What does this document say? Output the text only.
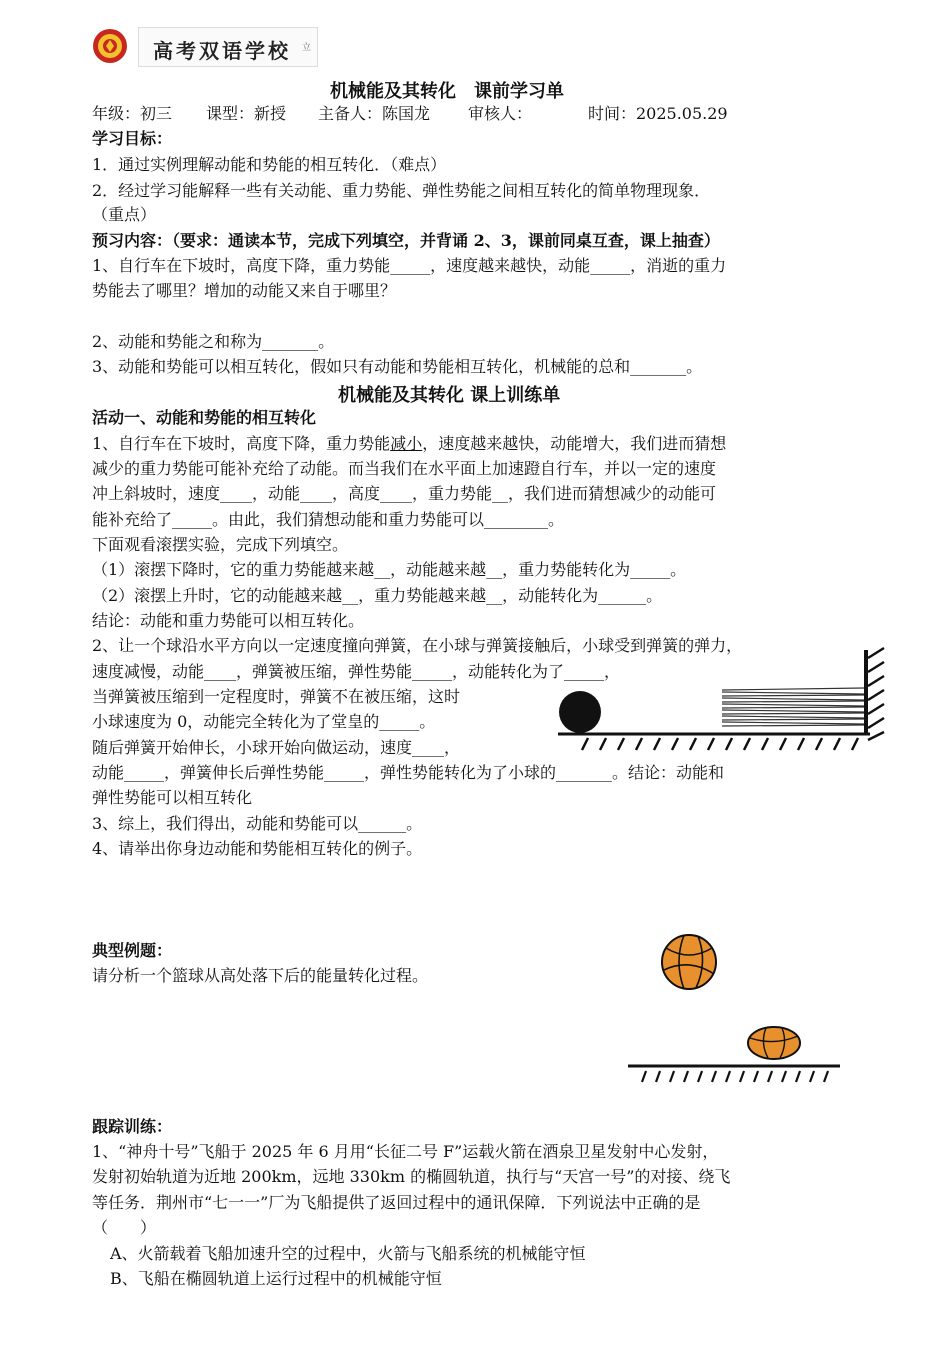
高考双语学校 立
机械能及其转化　课前学习单
年级：初三 课型：新授 主备人：陈国龙 审核人：	时间：2025.05.29
学习目标：
1．通过实例理解动能和势能的相互转化．（难点）
2．经过学习能解释一些有关动能、重力势能、弹性势能之间相互转化的简单物理现象．
（重点）
预习内容：（要求：通读本节，完成下列填空，并背诵 2、3，课前同桌互查，课上抽查）
1、自行车在下坡时，高度下降，重力势能_____，速度越来越快，动能_____，消逝的重力
势能去了哪里？增加的动能又来自于哪里？
2、动能和势能之和称为_______。
3、动能和势能可以相互转化，假如只有动能和势能相互转化，机械能的总和_______。
机械能及其转化 课上训练单
活动一、动能和势能的相互转化
1、自行车在下坡时，高度下降，重力势能减小，速度越来越快，动能增大，我们进而猜想
减少的重力势能可能补充给了动能。而当我们在水平面上加速蹬自行车，并以一定的速度
冲上斜坡时，速度____，动能____，高度____，重力势能__，我们进而猜想减少的动能可
能补充给了_____。由此，我们猜想动能和重力势能可以________。
下面观看滚摆实验，完成下列填空。
（1）滚摆下降时，它的重力势能越来越__，动能越来越__，重力势能转化为_____。
（2）滚摆上升时，它的动能越来越__，重力势能越来越__，动能转化为______。
结论：动能和重力势能可以相互转化。
2、让一个球沿水平方向以一定速度撞向弹簧，在小球与弹簧接触后，小球受到弹簧的弹力，
速度减慢，动能____，弹簧被压缩，弹性势能_____，动能转化为了_____，
当弹簧被压缩到一定程度时，弹簧不在被压缩，这时
小球速度为 0，动能完全转化为了堂皇的_____。
随后弹簧开始伸长，小球开始向做运动，速度____，
动能_____，弹簧伸长后弹性势能_____，弹性势能转化为了小球的_______。结论：动能和
弹性势能可以相互转化
3、综上，我们得出，动能和势能可以______。
4、请举出你身边动能和势能相互转化的例子。
典型例题：
请分析一个篮球从高处落下后的能量转化过程。
跟踪训练：
1、“神舟十号”飞船于 2025 年 6 月用“长征二号 F”运载火箭在酒泉卫星发射中心发射，
发射初始轨道为近地 200km，远地 330km 的椭圆轨道，执行与“天宫一号”的对接、绕飞
等任务．荆州市“七一一”厂为飞船提供了返回过程中的通讯保障．下列说法中正确的是
（　　）
A、火箭载着飞船加速升空的过程中，火箭与飞船系统的机械能守恒
B、飞船在椭圆轨道上运行过程中的机械能守恒
